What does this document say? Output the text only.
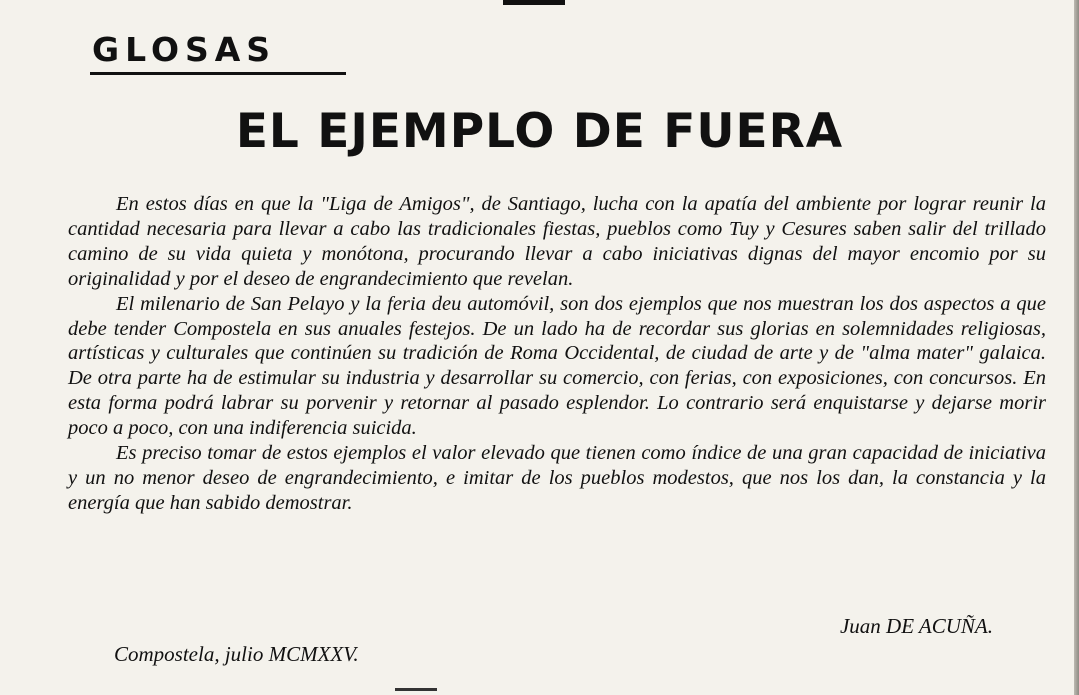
GLOSAS
EL EJEMPLO DE FUERA

En estos días en que la "Liga de Amigos", de Santiago, lucha con la apatía del ambiente por lograr reunir la cantidad necesaria para llevar a cabo las tradicionales fiestas, pueblos como Tuy y Cesures saben salir del trillado camino de su vida quieta y monótona, procurando llevar a cabo iniciativas dignas del mayor encomio por su originalidad y por el deseo de engrandecimiento que revelan.

El milenario de San Pelayo y la feria deu automóvil, son dos ejemplos que nos muestran los dos aspectos a que debe tender Compostela en sus anuales festejos. De un lado ha de recordar sus glorias en solemnidades religiosas, artísticas y culturales que continúen su tradición de Roma Occidental, de ciudad de arte y de "alma mater" galaica. De otra parte ha de estimular su industria y desarrollar su comercio, con ferias, con exposiciones, con concursos. En esta forma podrá labrar su porvenir y retornar al pasado esplendor. Lo contrario será enquistarse y dejarse morir poco a poco, con una indiferencia suicida.

Es preciso tomar de estos ejemplos el valor elevado que tienen como índice de una gran capacidad de iniciativa y un no menor deseo de engrandecimiento, e imitar de los pueblos modestos, que nos los dan, la constancia y la energía que han sabido demostrar.

Juan DE ACUÑA.

Compostela, julio MCMXXV.
